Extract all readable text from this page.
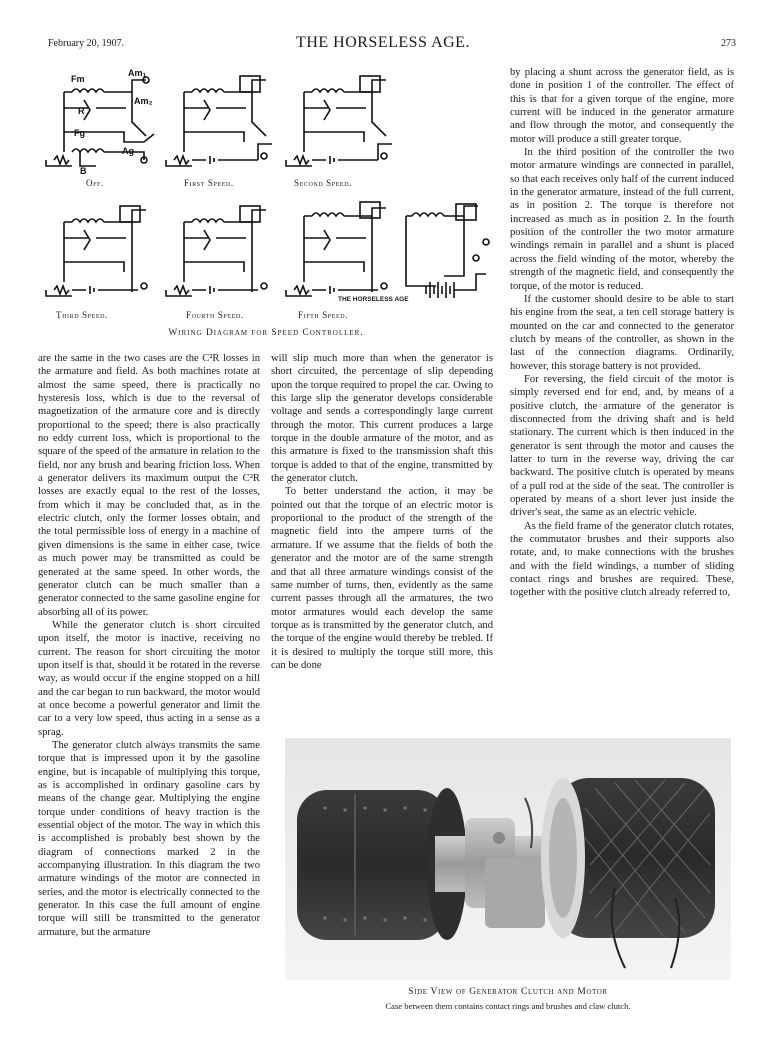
February 20, 1907.	THE HORSELESS AGE.	273
Fm
Am₁
Am₂
R
Fg
Ag
B
Off.	First Speed.	Second Speed.
Third Speed.	Fourth Speed.	Fifth Speed.
THE HORSELESS AGE
Wiring Diagram for Speed Controller.

are the same in the two cases are the C²R losses in the armature and field. As both machines rotate at almost the same speed, there is practically no hysteresis loss, which is due to the reversal of magnetization of the armature core and is directly proportional to the speed; there is also practically no eddy current loss, which is proportional to the square of the speed of the armature in relation to the field, nor any brush and bearing friction loss. When a generator delivers its maximum output the C²R losses are exactly equal to the rest of the losses, from which it may be concluded that, as in the electric clutch, only the former losses obtain, and the total permissible loss of energy in a machine of given dimensions is the same in either case, twice as much power may be transmitted as could be generated at the same speed. In other words, the generator clutch can be much smaller than a generator connected to the same gasoline engine for absorbing all of its power.

While the generator clutch is short circuited upon itself, the motor is inactive, receiving no current. The reason for short circuiting the motor upon itself is that, should it be rotated in the reverse way, as would occur if the engine stopped on a hill and the car began to run backward, the motor would at once become a powerful generator and limit the car to a very low speed, thus acting in a sense as a sprag.

The generator clutch always transmits the same torque that is impressed upon it by the gasoline engine, but is incapable of multiplying this torque, as is accomplished in ordinary gasoline cars by means of the change gear. Multiplying the engine torque under conditions of heavy traction is the essential object of the motor. The way in which this is accomplished is probably best shown by the diagram of connections marked 2 in the accompanying illustration. In this diagram the two armature windings of the motor are connected in series, and the motor is electrically connected to the generator. In this case the full amount of engine torque will still be transmitted to the generator armature, but the armature

will slip much more than when the generator is short circuited, the percentage of slip depending upon the torque required to propel the car. Owing to this large slip the generator develops considerable voltage and sends a correspondingly large current through the motor. This current produces a large torque in the double armature of the motor, and as this armature is fixed to the transmission shaft this torque is added to that of the engine, transmitted by the generator clutch.

To better understand the action, it may be pointed out that the torque of an electric motor is proportional to the product of the strength of the magnetic field into the ampere turns of the armature. If we assume that the fields of both the generator and the motor are of the same strength and that all three armature windings consist of the same number of turns, then, evidently as the same current passes through all the armatures, the two motor armatures would each develop the same torque as is transmitted by the generator clutch, and the torque of the engine would thereby be trebled. If it is desired to multiply the torque still more, this can be done

by placing a shunt across the generator field, as is done in position 1 of the controller. The effect of this is that for a given torque of the engine, more current will be induced in the generator armature and flow through the motor, and consequently the motor will produce a still greater torque.

In the third position of the controller the two motor armature windings are connected in parallel, so that each receives only half of the current induced in the generator armature, instead of the full current, as in position 2. The torque is therefore not increased as much as in position 2. In the fourth position of the controller the two motor armature windings remain in parallel and a shunt is placed across the field winding of the motor, whereby the strength of the magnetic field, and consequently the torque, of the motor is reduced.

If the customer should desire to be able to start his engine from the seat, a ten cell storage battery is mounted on the car and connected to the generator clutch by means of the controller, as shown in the last of the connection diagrams. Ordinarily, however, this storage battery is not provided.

For reversing, the field circuit of the motor is simply reversed end for end, and, by means of a positive clutch, the armature of the generator is disconnected from the driving shaft and is held stationary. The current which is then induced in the generator is sent through the motor and causes the latter to turn in the reverse way, driving the car backward. The positive clutch is operated by means of a pull rod at the side of the seat. The controller is operated by means of a short lever just inside the driver's seat, the same as an electric vehicle.

As the field frame of the generator clutch rotates, the commutator brushes and their supports also rotate, and, to make connections with the brushes and with the field windings, a number of sliding contact rings and brushes are required. These, together with the positive clutch already referred to,

Side View of Generator Clutch and Motor
Case between them contains contact rings and brushes and claw clutch.
